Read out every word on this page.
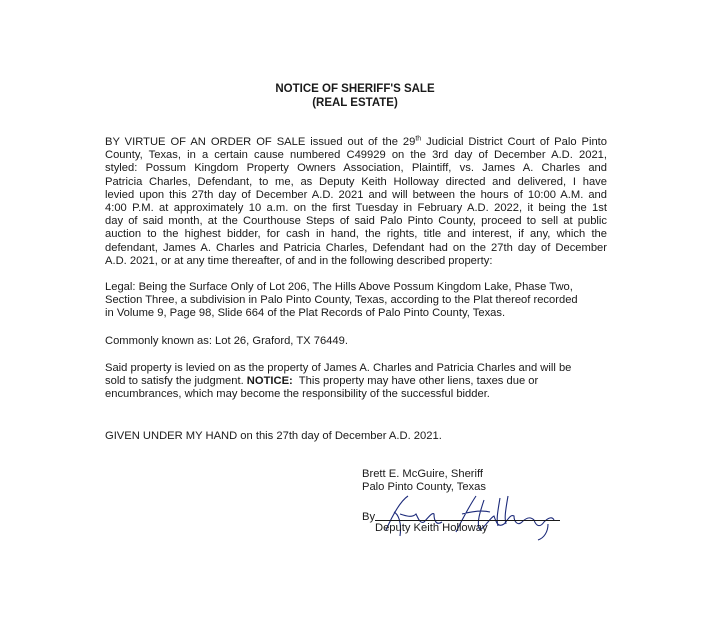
NOTICE OF SHERIFF'S SALE
(REAL ESTATE)
BY VIRTUE OF AN ORDER OF SALE issued out of the 29th Judicial District Court of Palo Pinto
County, Texas, in a certain cause numbered C49929 on the 3rd day of December A.D. 2021,
styled: Possum Kingdom Property Owners Association, Plaintiff, vs. James A. Charles and
Patricia Charles, Defendant, to me, as Deputy Keith Holloway directed and delivered, I have
levied upon this 27th day of December A.D. 2021 and will between the hours of 10:00 A.M. and
4:00 P.M. at approximately 10 a.m. on the first Tuesday in February A.D. 2022, it being the 1st
day of said month, at the Courthouse Steps of said Palo Pinto County, proceed to sell at public
auction to the highest bidder, for cash in hand, the rights, title and interest, if any, which the
defendant, James A. Charles and Patricia Charles, Defendant had on the 27th day of December
A.D. 2021, or at any time thereafter, of and in the following described property:
Legal: Being the Surface Only of Lot 206, The Hills Above Possum Kingdom Lake, Phase Two,
Section Three, a subdivision in Palo Pinto County, Texas, according to the Plat thereof recorded
in Volume 9, Page 98, Slide 664 of the Plat Records of Palo Pinto County, Texas.
Commonly known as: Lot 26, Graford, TX 76449.
Said property is levied on as the property of James A. Charles and Patricia Charles and will be
sold to satisfy the judgment. NOTICE:  This property may have other liens, taxes due or
encumbrances, which may become the responsibility of the successful bidder.
GIVEN UNDER MY HAND on this 27th day of December A.D. 2021.
Brett E. McGuire, Sheriff
Palo Pinto County, Texas
By
Deputy Keith Holloway
